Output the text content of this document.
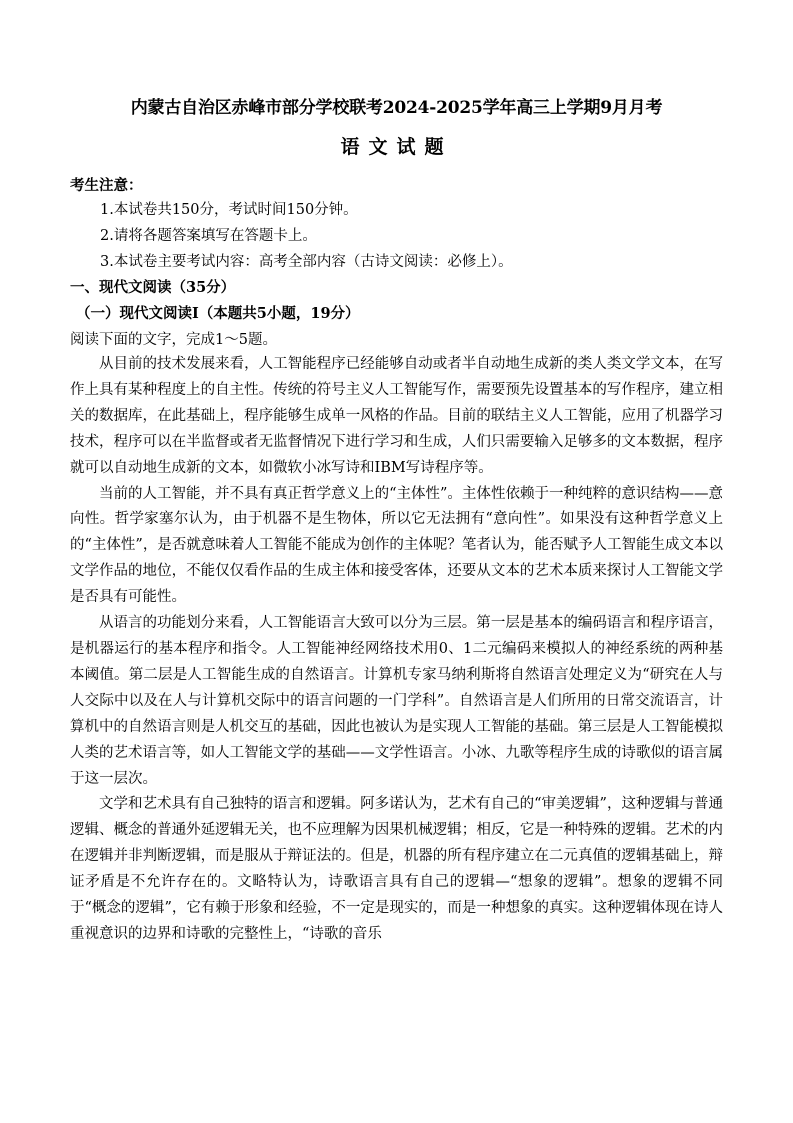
内蒙古自治区赤峰市部分学校联考2024-2025学年高三上学期9月月考
语文试题

考生注意：

1.本试卷共150分，考试时间150分钟。

2.请将各题答案填写在答题卡上。

3.本试卷主要考试内容：高考全部内容（古诗文阅读：必修上）。

一、现代文阅读（35分）

（一）现代文阅读Ⅰ（本题共5小题，19分）

阅读下面的文字，完成1～5题。

从目前的技术发展来看，人工智能程序已经能够自动或者半自动地生成新的类人类文学文本，在写作上具有某种程度上的自主性。传统的符号主义人工智能写作，需要预先设置基本的写作程序，建立相关的数据库，在此基础上，程序能够生成单一风格的作品。目前的联结主义人工智能，应用了机器学习技术，程序可以在半监督或者无监督情况下进行学习和生成，人们只需要输入足够多的文本数据，程序就可以自动地生成新的文本，如微软小冰写诗和IBM写诗程序等。

当前的人工智能，并不具有真正哲学意义上的“主体性”。主体性依赖于一种纯粹的意识结构——意向性。哲学家塞尔认为，由于机器不是生物体，所以它无法拥有“意向性”。如果没有这种哲学意义上的“主体性”，是否就意味着人工智能不能成为创作的主体呢？笔者认为，能否赋予人工智能生成文本以文学作品的地位，不能仅仅看作品的生成主体和接受客体，还要从文本的艺术本质来探讨人工智能文学是否具有可能性。

从语言的功能划分来看，人工智能语言大致可以分为三层。第一层是基本的编码语言和程序语言，是机器运行的基本程序和指令。人工智能神经网络技术用0、1二元编码来模拟人的神经系统的两种基本阈值。第二层是人工智能生成的自然语言。计算机专家马纳利斯将自然语言处理定义为“研究在人与人交际中以及在人与计算机交际中的语言问题的一门学科”。自然语言是人们所用的日常交流语言，计算机中的自然语言则是人机交互的基础，因此也被认为是实现人工智能的基础。第三层是人工智能模拟人类的艺术语言等，如人工智能文学的基础——文学性语言。小冰、九歌等程序生成的诗歌似的语言属于这一层次。

文学和艺术具有自己独特的语言和逻辑。阿多诺认为，艺术有自己的“审美逻辑”，这种逻辑与普通逻辑、概念的普通外延逻辑无关，也不应理解为因果机械逻辑；相反，它是一种特殊的逻辑。艺术的内在逻辑并非判断逻辑，而是服从于辩证法的。但是，机器的所有程序建立在二元真值的逻辑基础上，辩证矛盾是不允许存在的。文略特认为，诗歌语言具有自己的逻辑—“想象的逻辑”。想象的逻辑不同于“概念的逻辑”，它有赖于形象和经验，不一定是现实的，而是一种想象的真实。这种逻辑体现在诗人重视意识的边界和诗歌的完整性上，“诗歌的音乐
